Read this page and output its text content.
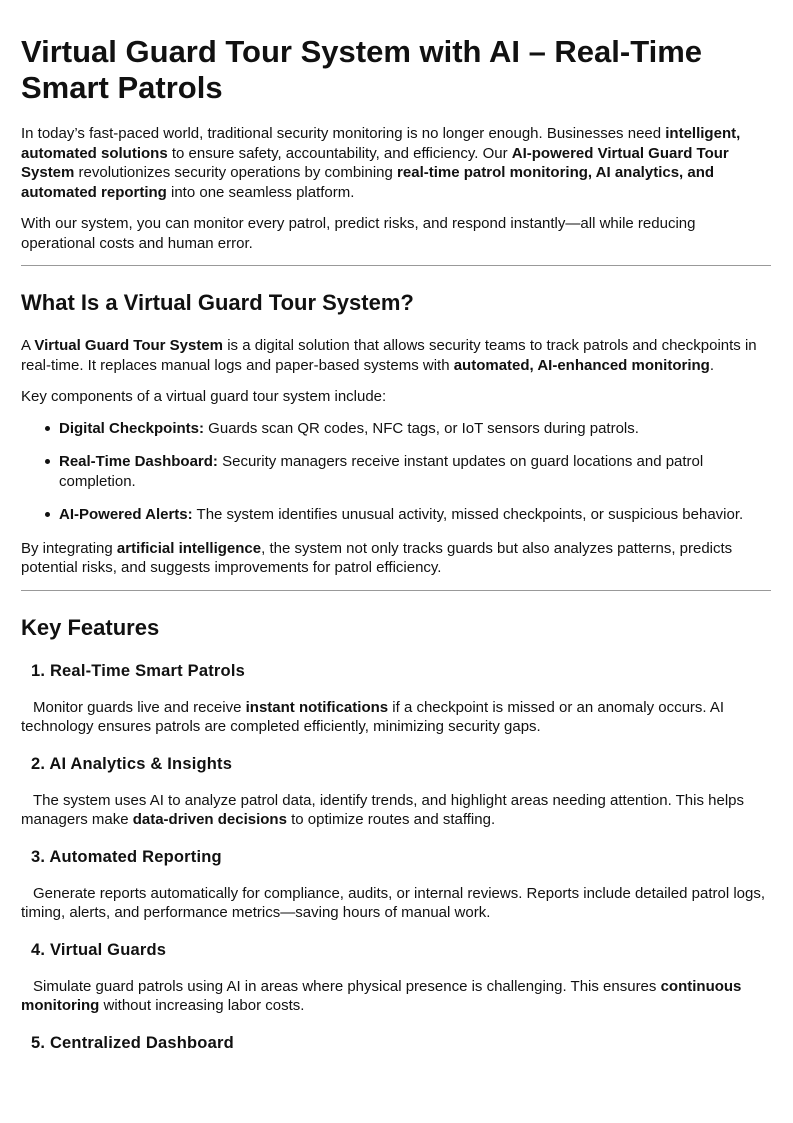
Virtual Guard Tour System with AI – Real-Time Smart Patrols

In today’s fast-paced world, traditional security monitoring is no longer enough. Businesses need intelligent, automated solutions to ensure safety, accountability, and efficiency. Our AI-powered Virtual Guard Tour System revolutionizes security operations by combining real-time patrol monitoring, AI analytics, and automated reporting into one seamless platform.

With our system, you can monitor every patrol, predict risks, and respond instantly—all while reducing operational costs and human error.

What Is a Virtual Guard Tour System?

A Virtual Guard Tour System is a digital solution that allows security teams to track patrols and checkpoints in real-time. It replaces manual logs and paper-based systems with automated, AI-enhanced monitoring.

Key components of a virtual guard tour system include:

Digital Checkpoints: Guards scan QR codes, NFC tags, or IoT sensors during patrols.
Real-Time Dashboard: Security managers receive instant updates on guard locations and patrol completion.
AI-Powered Alerts: The system identifies unusual activity, missed checkpoints, or suspicious behavior.

By integrating artificial intelligence, the system not only tracks guards but also analyzes patterns, predicts potential risks, and suggests improvements for patrol efficiency.

Key Features
1. Real-Time Smart Patrols

Monitor guards live and receive instant notifications if a checkpoint is missed or an anomaly occurs. AI technology ensures patrols are completed efficiently, minimizing security gaps.

2. AI Analytics & Insights

The system uses AI to analyze patrol data, identify trends, and highlight areas needing attention. This helps managers make data-driven decisions to optimize routes and staffing.

3. Automated Reporting

Generate reports automatically for compliance, audits, or internal reviews. Reports include detailed patrol logs, timing, alerts, and performance metrics—saving hours of manual work.

4. Virtual Guards

Simulate guard patrols using AI in areas where physical presence is challenging. This ensures continuous monitoring without increasing labor costs.

5. Centralized Dashboard
